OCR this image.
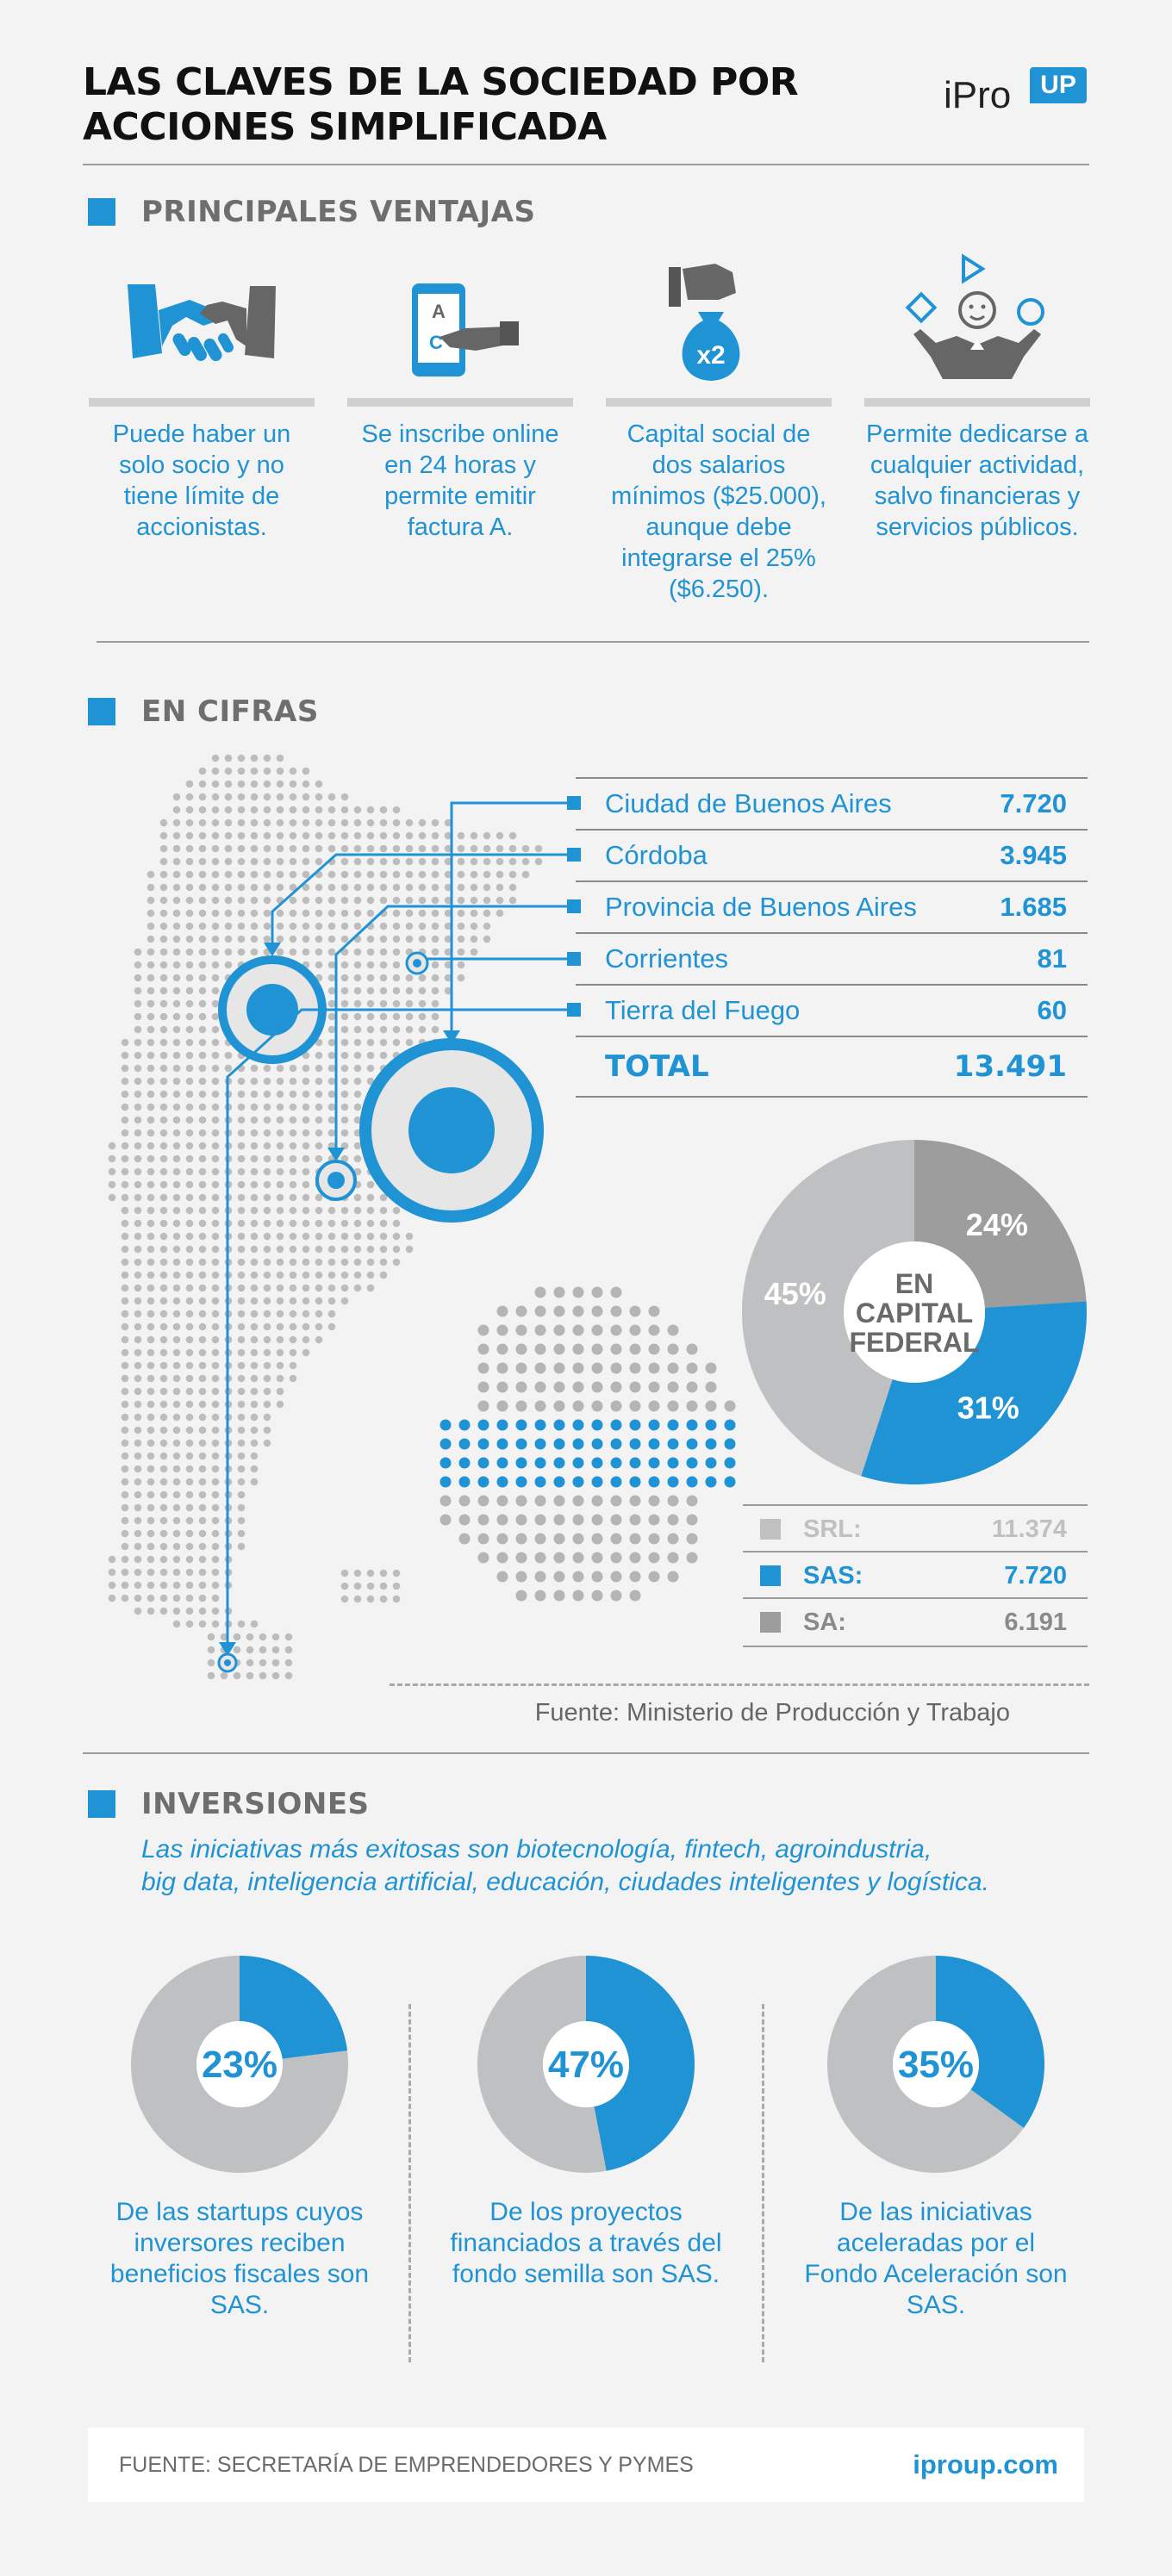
LAS CLAVES DE LA SOCIEDAD POR
ACCIONES SIMPLIFICADA
iPro	UP
PRINCIPALES VENTAJAS
A
C	x2
Puede haber un solo socio y no tiene límite de accionistas.
Se inscribe online en 24 horas y permite emitir factura A.
Capital social de dos salarios mínimos ($25.000), aunque debe integrarse el 25% ($6.250).
Permite dedicarse a cualquier actividad, salvo financieras y servicios públicos.
EN CIFRAS
Ciudad de Buenos Aires	7.720
Córdoba	3.945
Provincia de Buenos Aires	1.685
Corrientes	81
Tierra del Fuego	60
TOTAL	13.491
24%
31%
45%	EN
CAPITAL
FEDERAL
SRL:	11.374
SAS:	7.720
SA:	6.191
Fuente: Ministerio de Producción y Trabajo
INVERSIONES
Las iniciativas más exitosas son biotecnología, fintech, agroindustria,
big data, inteligencia artificial, educación, ciudades inteligentes y logística.
23%	47%	35%
De las startups cuyos inversores reciben beneficios fiscales son SAS.
De los proyectos financiados a través del fondo semilla son SAS.
De las iniciativas aceleradas por el Fondo Aceleración son SAS.
FUENTE: SECRETARÍA DE EMPRENDEDORES Y PYMES	iproup.com
